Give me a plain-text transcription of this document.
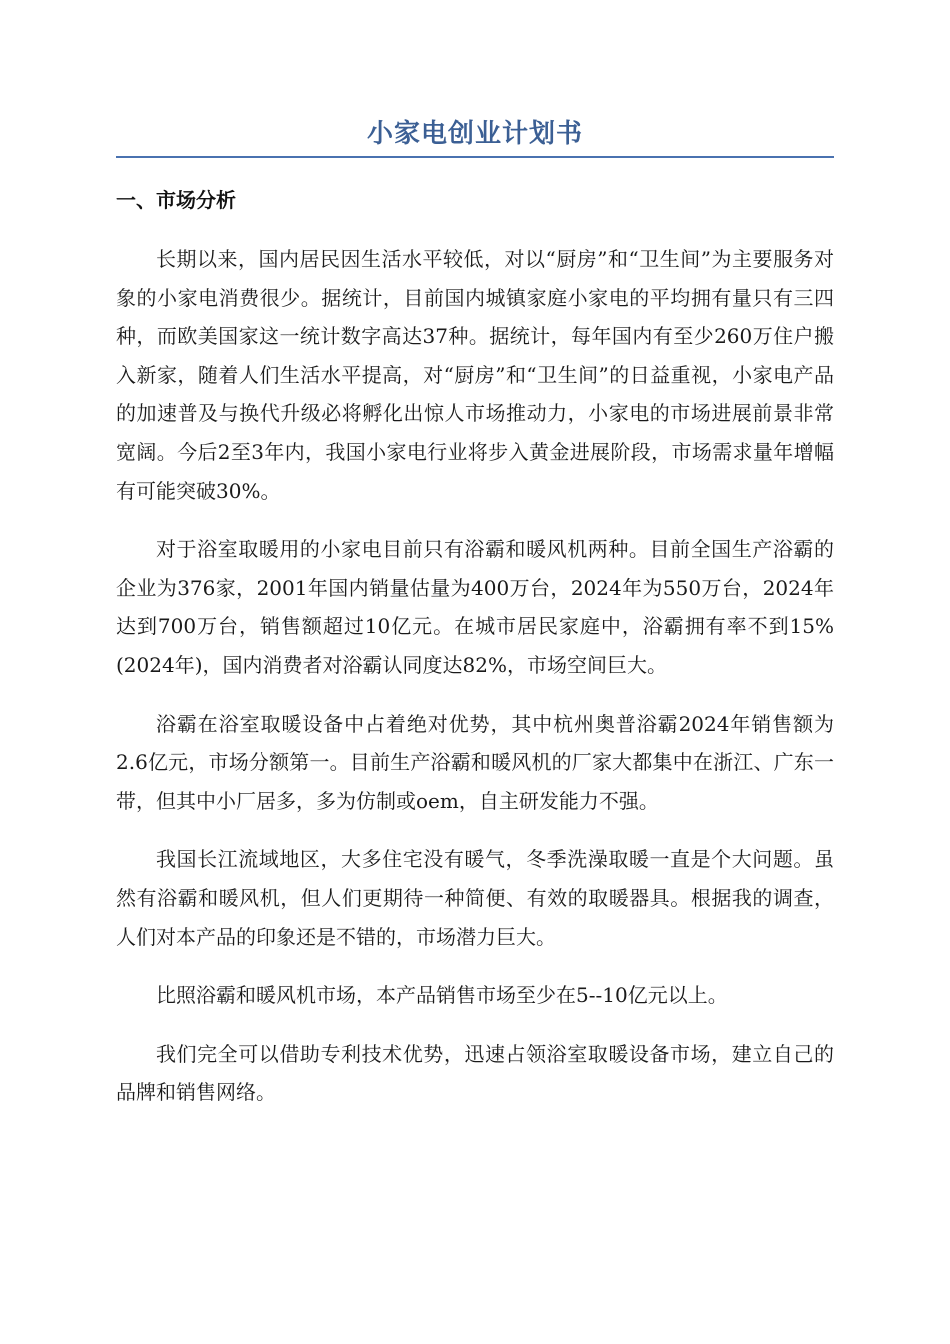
小家电创业计划书
一、市场分析

长期以来，国内居民因生活水平较低，对以“厨房”和“卫生间”为主要服务对象的小家电消费很少。据统计，目前国内城镇家庭小家电的平均拥有量只有三四种，而欧美国家这一统计数字高达37种。据统计，每年国内有至少260万住户搬入新家，随着人们生活水平提高，对“厨房”和“卫生间”的日益重视，小家电产品的加速普及与换代升级必将孵化出惊人市场推动力，小家电的市场进展前景非常宽阔。今后2至3年内，我国小家电行业将步入黄金进展阶段，市场需求量年增幅有可能突破30%。

对于浴室取暖用的小家电目前只有浴霸和暖风机两种。目前全国生产浴霸的企业为376家，2001年国内销量估量为400万台，2024年为550万台，2024年达到700万台，销售额超过10亿元。在城市居民家庭中，浴霸拥有率不到15%(2024年)，国内消费者对浴霸认同度达82%，市场空间巨大。

浴霸在浴室取暖设备中占着绝对优势，其中杭州奥普浴霸2024年销售额为2.6亿元，市场分额第一。目前生产浴霸和暖风机的厂家大都集中在浙江、广东一带，但其中小厂居多，多为仿制或oem，自主研发能力不强。

我国长江流域地区，大多住宅没有暖气，冬季洗澡取暖一直是个大问题。虽然有浴霸和暖风机，但人们更期待一种简便、有效的取暖器具。根据我的调查，人们对本产品的印象还是不错的，市场潜力巨大。

比照浴霸和暖风机市场，本产品销售市场至少在5--10亿元以上。

我们完全可以借助专利技术优势，迅速占领浴室取暖设备市场，建立自己的品牌和销售网络。
